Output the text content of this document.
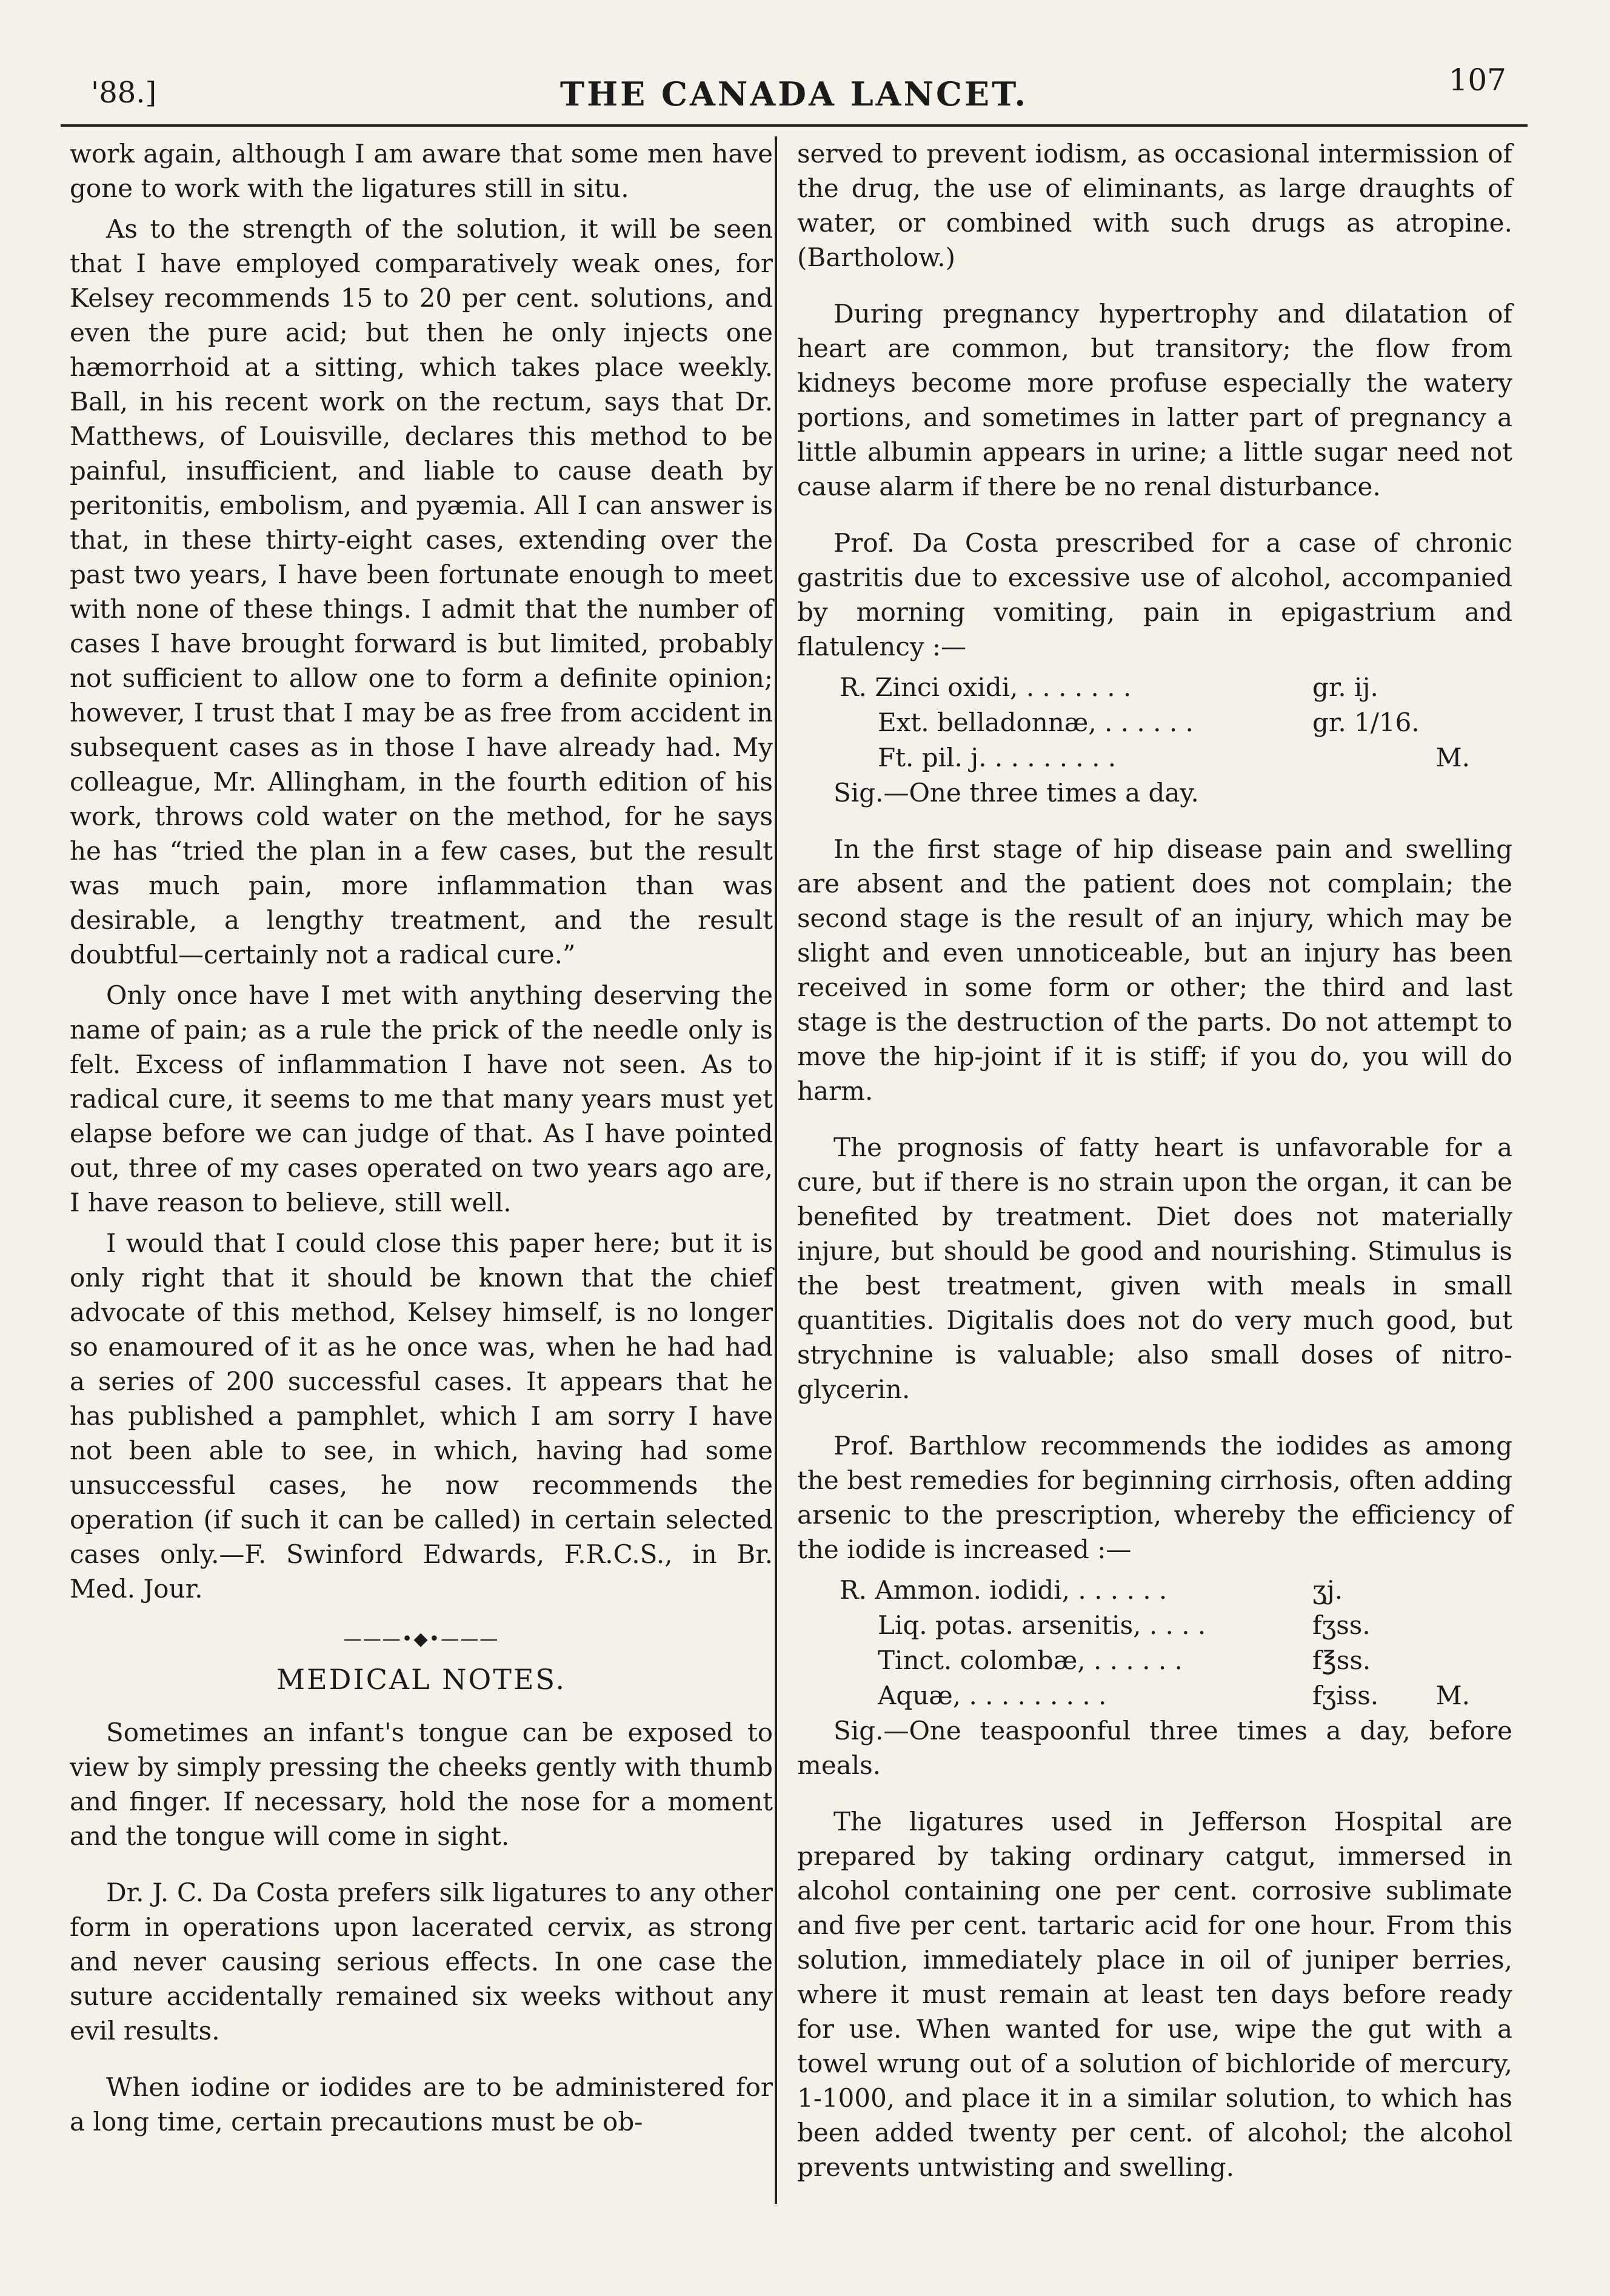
'88.]	THE CANADA LANCET.	107

work again, although I am aware that some men have gone to work with the ligatures still in situ.

As to the strength of the solution, it will be seen that I have employed comparatively weak ones, for Kelsey recommends 15 to 20 per cent. solutions, and even the pure acid; but then he only injects one hæmorrhoid at a sitting, which takes place weekly. Ball, in his recent work on the rectum, says that Dr. Matthews, of Louisville, declares this method to be painful, insufficient, and liable to cause death by peritonitis, embolism, and pyæmia. All I can answer is that, in these thirty-eight cases, extending over the past two years, I have been fortunate enough to meet with none of these things. I admit that the number of cases I have brought forward is but limited, probably not sufficient to allow one to form a definite opinion; however, I trust that I may be as free from accident in subsequent cases as in those I have already had. My colleague, Mr. Allingham, in the fourth edition of his work, throws cold water on the method, for he says he has “tried the plan in a few cases, but the result was much pain, more inflammation than was desirable, a lengthy treatment, and the result doubtful—certainly not a radical cure.”

Only once have I met with anything deserving the name of pain; as a rule the prick of the needle only is felt. Excess of inflammation I have not seen. As to radical cure, it seems to me that many years must yet elapse before we can judge of that. As I have pointed out, three of my cases operated on two years ago are, I have reason to believe, still well.

I would that I could close this paper here; but it is only right that it should be known that the chief advocate of this method, Kelsey himself, is no longer so enamoured of it as he once was, when he had had a series of 200 successful cases. It appears that he has published a pamphlet, which I am sorry I have not been able to see, in which, having had some unsuccessful cases, he now recommends the operation (if such it can be called) in certain selected cases only.—F. Swinford Edwards, F.R.C.S., in Br. Med. Jour.

———•◆•———
MEDICAL NOTES.

Sometimes an infant's tongue can be exposed to view by simply pressing the cheeks gently with thumb and finger. If necessary, hold the nose for a moment and the tongue will come in sight.

Dr. J. C. Da Costa prefers silk ligatures to any other form in operations upon lacerated cervix, as strong and never causing serious effects. In one case the suture accidentally remained six weeks without any evil results.

When iodine or iodides are to be administered for a long time, certain precautions must be ob-

served to prevent iodism, as occasional intermission of the drug, the use of eliminants, as large draughts of water, or combined with such drugs as atropine. (Bartholow.)

During pregnancy hypertrophy and dilatation of heart are common, but transitory; the flow from kidneys become more profuse especially the watery portions, and sometimes in latter part of pregnancy a little albumin appears in urine; a little sugar need not cause alarm if there be no renal disturbance.

Prof. Da Costa prescribed for a case of chronic gastritis due to excessive use of alcohol, accompanied by morning vomiting, pain in epigastrium and flatulency :—

R. Zinci oxidi, . . . . . . .	gr. ij.
  Ext. belladonnæ, . . . . . .	gr. 1/16.
  Ft. pil. j. . . . . . . . .	M.

Sig.—One three times a day.

In the first stage of hip disease pain and swelling are absent and the patient does not complain; the second stage is the result of an injury, which may be slight and even unnoticeable, but an injury has been received in some form or other; the third and last stage is the destruction of the parts. Do not attempt to move the hip-joint if it is stiff; if you do, you will do harm.

The prognosis of fatty heart is unfavorable for a cure, but if there is no strain upon the organ, it can be benefited by treatment. Diet does not materially injure, but should be good and nourishing. Stimulus is the best treatment, given with meals in small quantities. Digitalis does not do very much good, but strychnine is valuable; also small doses of nitro-glycerin.

Prof. Barthlow recommends the iodides as among the best remedies for beginning cirrhosis, often adding arsenic to the prescription, whereby the efficiency of the iodide is increased :—

R. Ammon. iodidi, . . . . . .	ʒj.
  Liq. potas. arsenitis, . . . .	fʒss.
  Tinct. colombæ, . . . . . .	f℥ss.
  Aquæ, . . . . . . . . .	fʒiss.	M.

Sig.—One teaspoonful three times a day, before meals.

The ligatures used in Jefferson Hospital are prepared by taking ordinary catgut, immersed in alcohol containing one per cent. corrosive sublimate and five per cent. tartaric acid for one hour. From this solution, immediately place in oil of juniper berries, where it must remain at least ten days before ready for use. When wanted for use, wipe the gut with a towel wrung out of a solution of bichloride of mercury, 1-1000, and place it in a similar solution, to which has been added twenty per cent. of alcohol; the alcohol prevents untwisting and swelling.
